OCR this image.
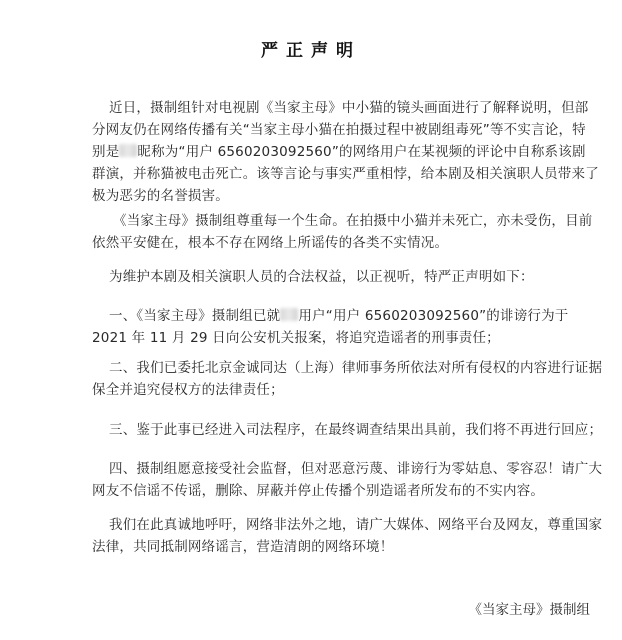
严正声明
近日，摄制组针对电视剧《当家主母》中小猫的镜头画面进行了解释说明，但部
分网友仍在网络传播有关“当家主母小猫在拍摄过程中被剧组毒死”等不实言论，特
别是 昵称为“用户 6560203092560”的网络用户在某视频的评论中自称系该剧
群演，并称猫被电击死亡。该等言论与事实严重相悖，给本剧及相关演职人员带来了
极为恶劣的名誉损害。
《当家主母》摄制组尊重每一个生命。在拍摄中小猫并未死亡，亦未受伤，目前
依然平安健在，根本不存在网络上所谣传的各类不实情况。
为维护本剧及相关演职人员的合法权益，以正视听，特严正声明如下：
一、《当家主母》摄制组已就 用户“用户 6560203092560”的诽谤行为于
2021 年 11 月 29 日向公安机关报案，将追究造谣者的刑事责任；
二、我们已委托北京金诚同达（上海）律师事务所依法对所有侵权的内容进行证据
保全并追究侵权方的法律责任；
三、鉴于此事已经进入司法程序，在最终调查结果出具前，我们将不再进行回应；
四、摄制组愿意接受社会监督，但对恶意污蔑、诽谤行为零姑息、零容忍！请广大
网友不信谣不传谣，删除、屏蔽并停止传播个别造谣者所发布的不实内容。
我们在此真诚地呼吁，网络非法外之地，请广大媒体、网络平台及网友，尊重国家
法律，共同抵制网络谣言，营造清朗的网络环境！
《当家主母》摄制组
